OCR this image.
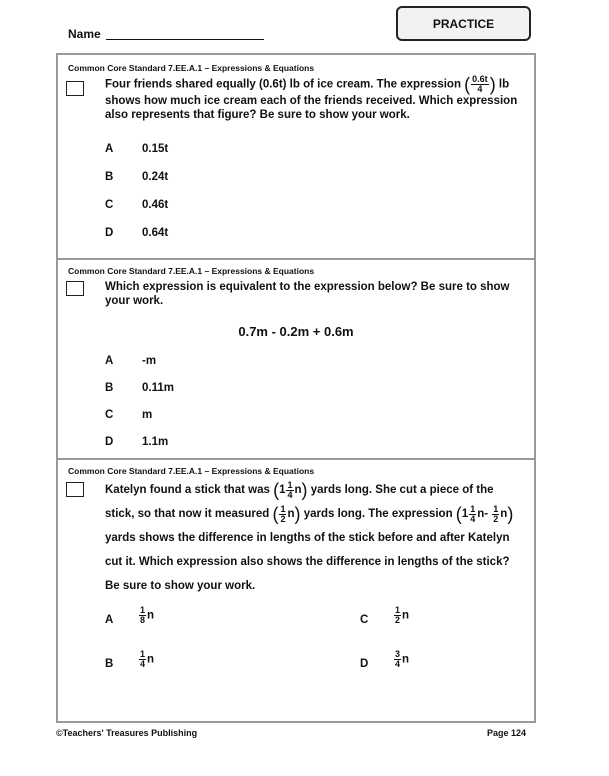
Name
PRACTICE
Common Core Standard 7.EE.A.1 – Expressions & Equations
Four friends shared equally (0.6t) lb of ice cream. The expression ( $\frac{0.6t}{4}$ ) lb
shows how much ice cream each of the friends received. Which expression also represents that figure? Be sure to show your work.
A 0.15t
B 0.24t
C 0.46t
D 0.64t
Common Core Standard 7.EE.A.1 – Expressions & Equations
Which expression is equivalent to the expression below? Be sure to show your work.
0.7m - 0.2m + 0.6m
A -m
B 0.11m
C m
D 1.1m
Common Core Standard 7.EE.A.1 – Expressions & Equations
Katelyn found a stick that was $(1 \frac{1}{4} n)$ yards long. She cut a piece of the stick, so that now it measured ( $\frac{1}{2} n$) yards long. The expression $(1 \frac{1}{4} n- \frac{1}{2} n)$ yards shows the difference in lengths of the stick before and after Katelyn cut it. Which expression also shows the difference in lengths of the stick? Be sure to show your work.
A	$\frac{1}{8}$ n
B	$\frac{1}{4}$ n
C	$\frac{1}{2}$ n
D	$\frac{3}{4}$ n
©Teachers' Treasures Publishing	Page 124
